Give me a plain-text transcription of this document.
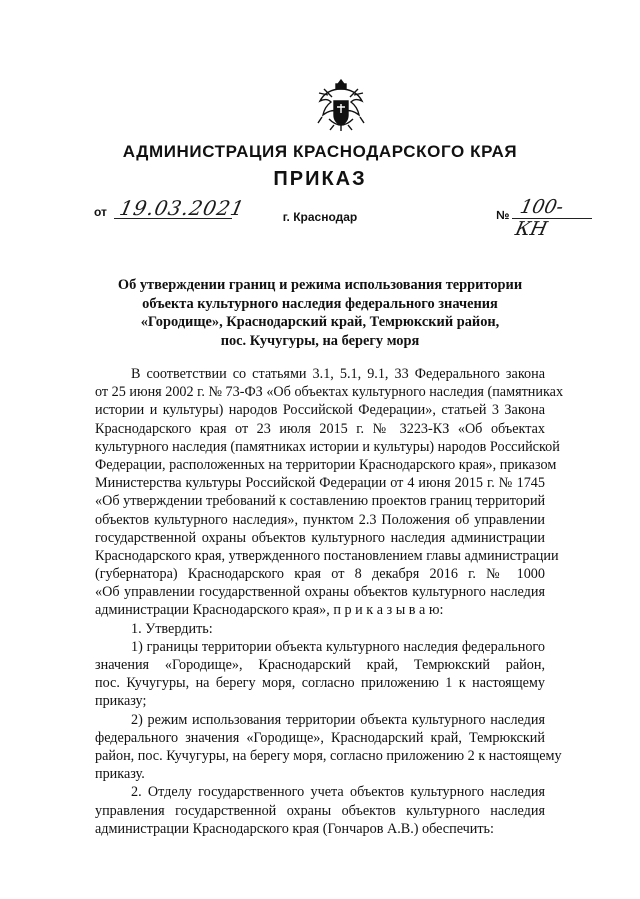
АДМИНИСТРАЦИЯ КРАСНОДАРСКОГО КРАЯ
ПРИКАЗ
от 19.03.2021	г. Краснодар	№ 100-КН
Об утверждении границ и режима использования территории
объекта культурного наследия федерального значения
«Городище», Краснодарский край, Темрюкский район,
пос. Кучугуры, на берегу моря
В соответствии со статьями 3.1, 5.1, 9.1, 33 Федерального закона
от 25 июня 2002 г. № 73-ФЗ «Об объектах культурного наследия (памятниках
истории и культуры) народов Российской Федерации», статьей 3 Закона
Краснодарского края от 23 июля 2015 г. № 3223-КЗ «Об объектах
культурного наследия (памятниках истории и культуры) народов Российской
Федерации, расположенных на территории Краснодарского края», приказом
Министерства культуры Российской Федерации от 4 июня 2015 г. № 1745
«Об утверждении требований к составлению проектов границ территорий
объектов культурного наследия», пунктом 2.3 Положения об управлении
государственной охраны объектов культурного наследия администрации
Краснодарского края, утвержденного постановлением главы администрации
(губернатора) Краснодарского края от 8 декабря 2016 г. № 1000
«Об управлении государственной охраны объектов культурного наследия
администрации Краснодарского края», п р и к а з ы в а ю:
1. Утвердить:
1) границы территории объекта культурного наследия федерального
значения «Городище», Краснодарский край, Темрюкский район,
пос. Кучугуры, на берегу моря, согласно приложению 1 к настоящему
приказу;
2) режим использования территории объекта культурного наследия
федерального значения «Городище», Краснодарский край, Темрюкский
район, пос. Кучугуры, на берегу моря, согласно приложению 2 к настоящему
приказу.
2. Отделу государственного учета объектов культурного наследия
управления государственной охраны объектов культурного наследия
администрации Краснодарского края (Гончаров А.В.) обеспечить:
